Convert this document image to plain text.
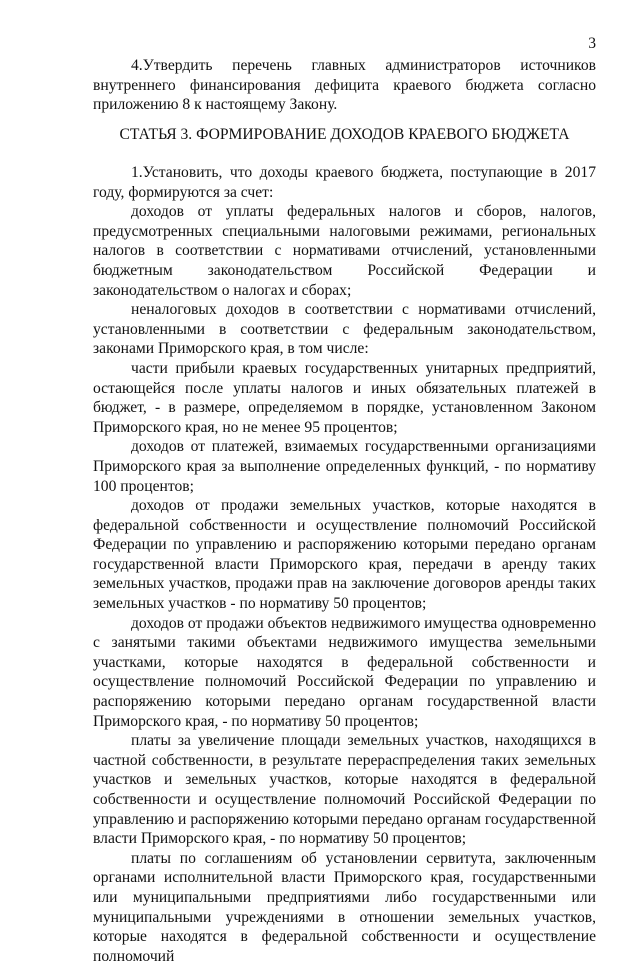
3

4.Утвердить перечень главных администраторов источников внутреннего финансирования дефицита краевого бюджета согласно приложению 8 к настоящему Закону.

СТАТЬЯ 3. ФОРМИРОВАНИЕ ДОХОДОВ КРАЕВОГО БЮДЖЕТА

1.Установить, что доходы краевого бюджета, поступающие в 2017 году, формируются за счет:

доходов от уплаты федеральных налогов и сборов, налогов, предусмотренных специальными налоговыми режимами, региональных налогов в соответствии с нормативами отчислений, установленными бюджетным законодательством Российской Федерации и законодательством о налогах и сборах;

неналоговых доходов в соответствии с нормативами отчислений, установленными в соответствии с федеральным законодательством, законами Приморского края, в том числе:

части прибыли краевых государственных унитарных предприятий, остающейся после уплаты налогов и иных обязательных платежей в бюджет, - в размере, определяемом в порядке, установленном Законом Приморского края, но не менее 95 процентов;

доходов от платежей, взимаемых государственными организациями Приморского края за выполнение определенных функций, - по нормативу 100 процентов;

доходов от продажи земельных участков, которые находятся в федеральной собственности и осуществление полномочий Российской Федерации по управлению и распоряжению которыми передано органам государственной власти Приморского края, передачи в аренду таких земельных участков, продажи прав на заключение договоров аренды таких земельных участков - по нормативу 50 процентов;

доходов от продажи объектов недвижимого имущества одновременно с занятыми такими объектами недвижимого имущества земельными участками, которые находятся в федеральной собственности и осуществление полномочий Российской Федерации по управлению и распоряжению которыми передано органам государственной власти Приморского края, - по нормативу 50 процентов;

платы за увеличение площади земельных участков, находящихся в частной собственности, в результате перераспределения таких земельных участков и земельных участков, которые находятся в федеральной собственности и осуществление полномочий Российской Федерации по управлению и распоряжению которыми передано органам государственной власти Приморского края, - по нормативу 50 процентов;

платы по соглашениям об установлении сервитута, заключенным органами исполнительной власти Приморского края, государственными или муниципальными предприятиями либо государственными или муниципальными учреждениями в отношении земельных участков, которые находятся в федеральной собственности и осуществление полномочий
